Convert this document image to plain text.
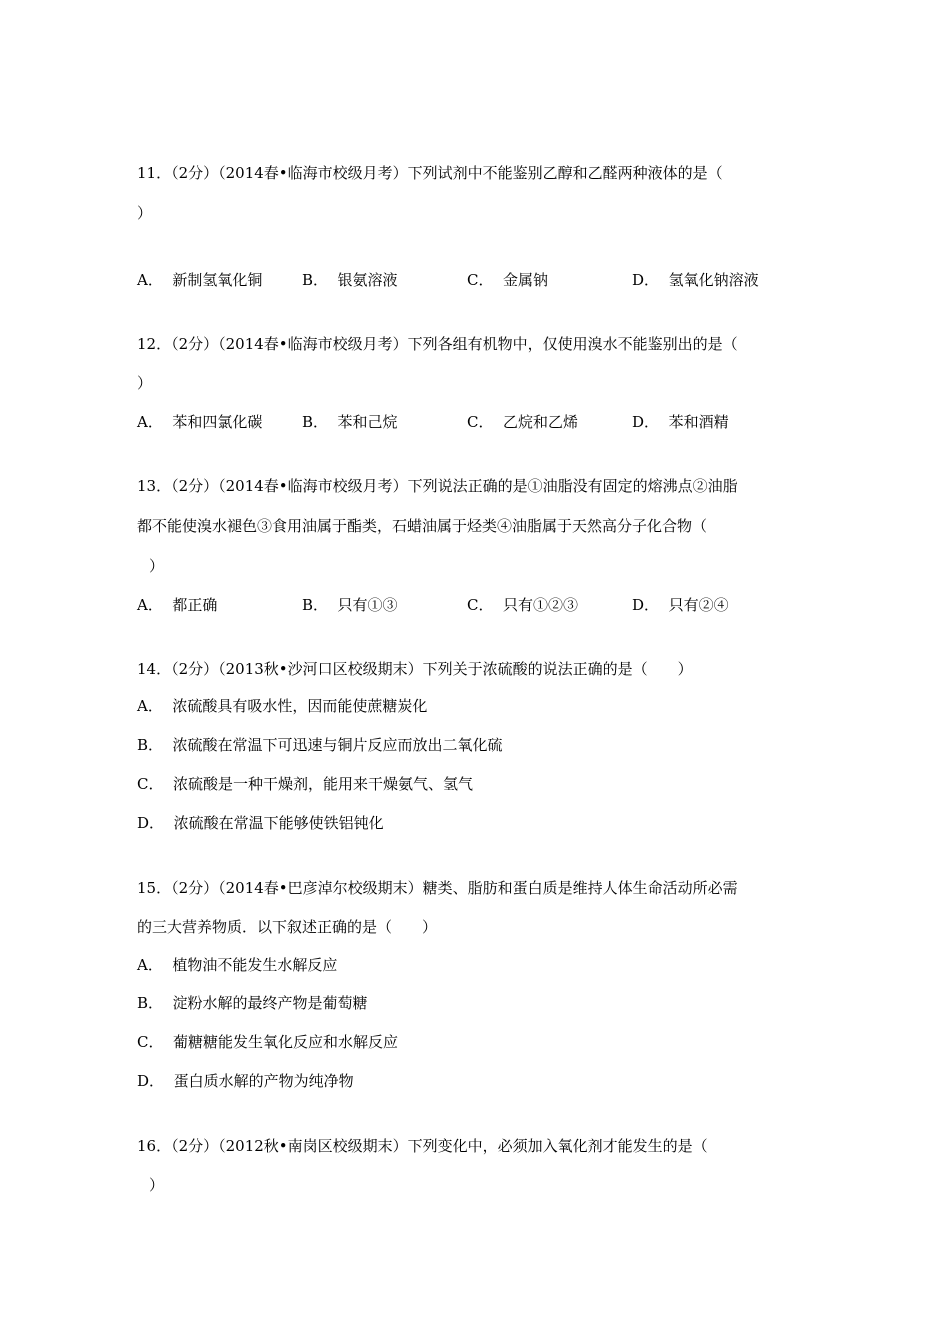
11．（2分）（2014春•临海市校级月考）下列试剂中不能鉴别乙醇和乙醛两种液体的是（
）
A．  新制氢氧化铜	B．  银氨溶液	C．  金属钠	D．  氢氧化钠溶液
12．（2分）（2014春•临海市校级月考）下列各组有机物中，仅使用溴水不能鉴别出的是（
）
A．  苯和四氯化碳	B．  苯和己烷	C．  乙烷和乙烯	D．  苯和酒精
13．（2分）（2014春•临海市校级月考）下列说法正确的是①油脂没有固定的熔沸点②油脂
都不能使溴水褪色③食用油属于酯类，石蜡油属于烃类④油脂属于天然高分子化合物（
）
A．  都正确	B．  只有①③	C．  只有①②③	D．  只有②④
14．（2分）（2013秋•沙河口区校级期末）下列关于浓硫酸的说法正确的是（　　）
A．  浓硫酸具有吸水性，因而能使蔗糖炭化
B．  浓硫酸在常温下可迅速与铜片反应而放出二氧化硫
C．  浓硫酸是一种干燥剂，能用来干燥氨气、氢气
D．  浓硫酸在常温下能够使铁铝钝化
15．（2分）（2014春•巴彦淖尔校级期末）糖类、脂肪和蛋白质是维持人体生命活动所必需
的三大营养物质．以下叙述正确的是（　　）
A．  植物油不能发生水解反应
B．  淀粉水解的最终产物是葡萄糖
C．  葡糖糖能发生氧化反应和水解反应
D．  蛋白质水解的产物为纯净物
16．（2分）（2012秋•南岗区校级期末）下列变化中，必须加入氧化剂才能发生的是（
）
